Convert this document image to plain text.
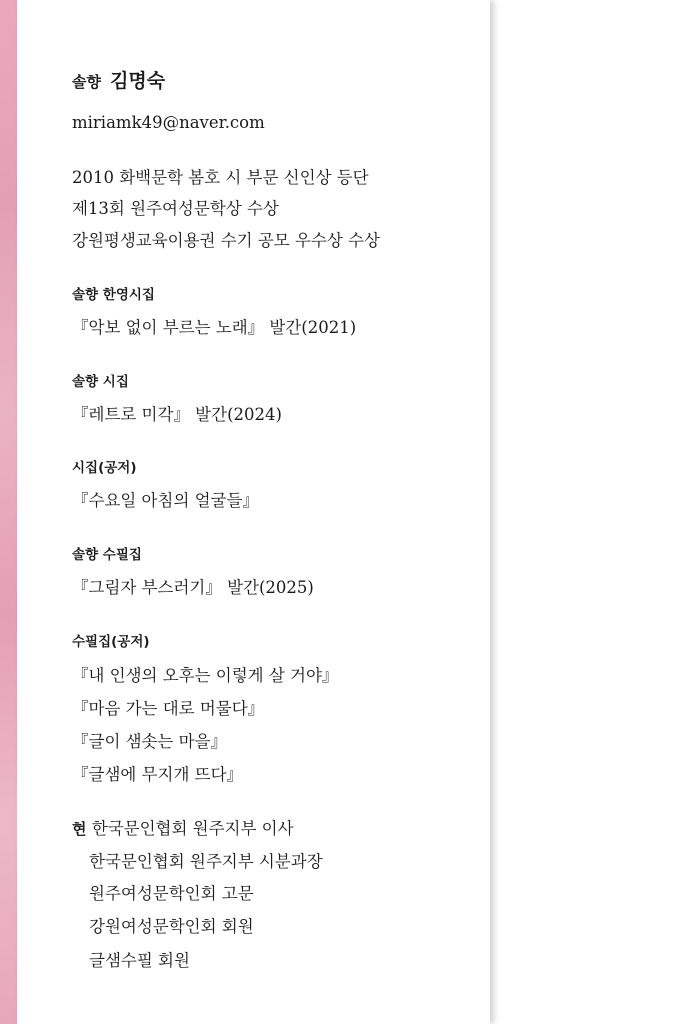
솔향 김명숙
miriamk49@naver.com
2010 화백문학 봄호 시 부문 신인상 등단
제13회 원주여성문학상 수상
강원평생교육이용권 수기 공모 우수상 수상
솔향 한영시집
『악보 없이 부르는 노래』 발간(2021)
솔향 시집
『레트로 미각』 발간(2024)
시집(공저)
『수요일 아침의 얼굴들』
솔향 수필집
『그림자 부스러기』 발간(2025)
수필집(공저)
『내 인생의 오후는 이렇게 살 거야』
『마음 가는 대로 머물다』
『글이 샘솟는 마을』
『글샘에 무지개 뜨다』
현 한국문인협회 원주지부 이사
한국문인협회 원주지부 시분과장
원주여성문학인회 고문
강원여성문학인회 회원
글샘수필 회원
